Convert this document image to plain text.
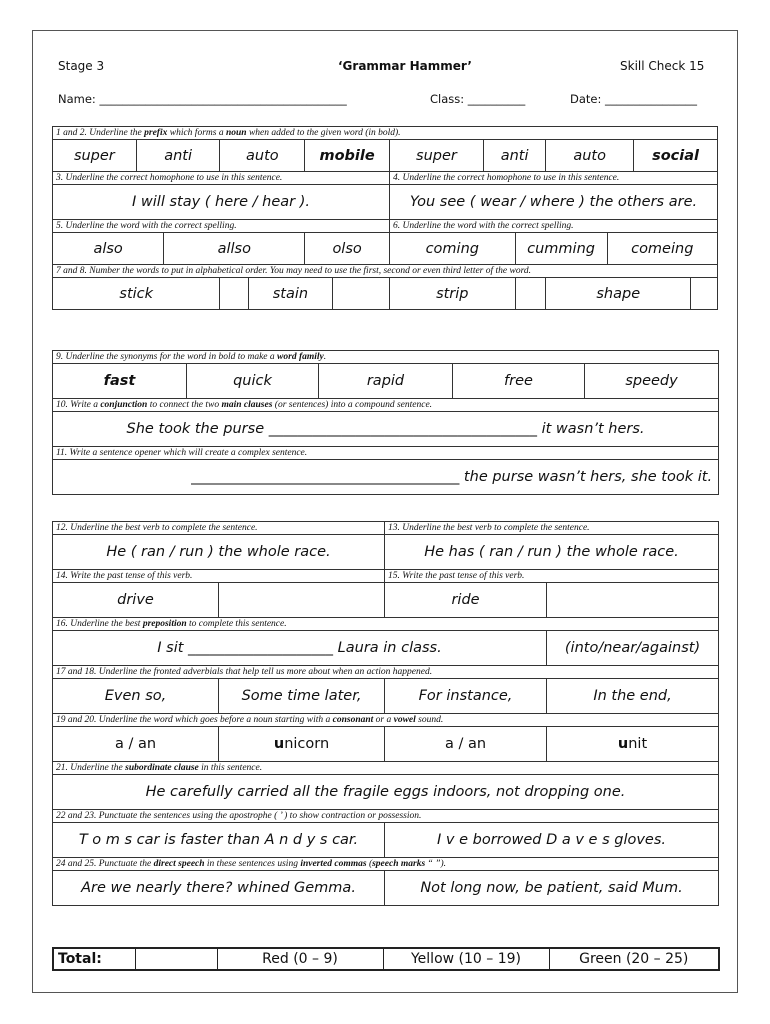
Stage 3	‘Grammar Hammer’	Skill Check 15
Name: ___________________________________________	Class: __________	Date: ________________
1 and 2. Underline the prefix which forms a noun when added to the given word (in bold).													
super	anti		auto		mobile		super	anti		auto		social	
3. Underline the correct homophone to use in this sentence.							4. Underline the correct homophone to use in this sentence.						
I will stay ( here / hear ).							You see ( wear / where ) the others are.						
5. Underline the word with the correct spelling.							6. Underline the word with the correct spelling.						
also		allso			olso		coming		cumming		comeing		
7 and 8. Number the words to put in alphabetical order. You may need to use the first, second or even third letter of the word.													
stick				stain			strip			shape			
9. Underline the synonyms for the word in bold to make a word family.
fast	quick	rapid	free	speedy
10. Write a conjunction to connect the two main clauses (or sentences) into a compound sentence.
She took the purse _____________________________________ it wasn’t hers.
11. Write a sentence opener which will create a complex sentence.
_____________________________________ the purse wasn’t hers, she took it.
12. Underline the best verb to complete the sentence.		13. Underline the best verb to complete the sentence.	
He ( ran / run ) the whole race.		He has ( ran / run ) the whole race.	
14. Write the past tense of this verb.		15. Write the past tense of this verb.	
drive		ride	
16. Underline the best preposition to complete this sentence.			
I sit ____________________ Laura in class.			(into/near/against)
17 and 18. Underline the fronted adverbials that help tell us more about when an action happened.			
Even so,	Some time later,	For instance,	In the end,
19 and 20. Underline the word which goes before a noun starting with a consonant or a vowel sound.			
a / an	unicorn	a / an	unit
21. Underline the subordinate clause in this sentence.			
He carefully carried all the fragile eggs indoors, not dropping one.			
22 and 23. Punctuate the sentences using the apostrophe ( ’ ) to show contraction or possession.			
T o m s car is faster than A n d y s car.		I v e borrowed D a v e s gloves.	
24 and 25. Punctuate the direct speech in these sentences using inverted commas (speech marks “ ”).			
Are we nearly there? whined Gemma.		Not long now, be patient, said Mum.	
Total:		Red (0 – 9)	Yellow (10 – 19)	Green (20 – 25)
